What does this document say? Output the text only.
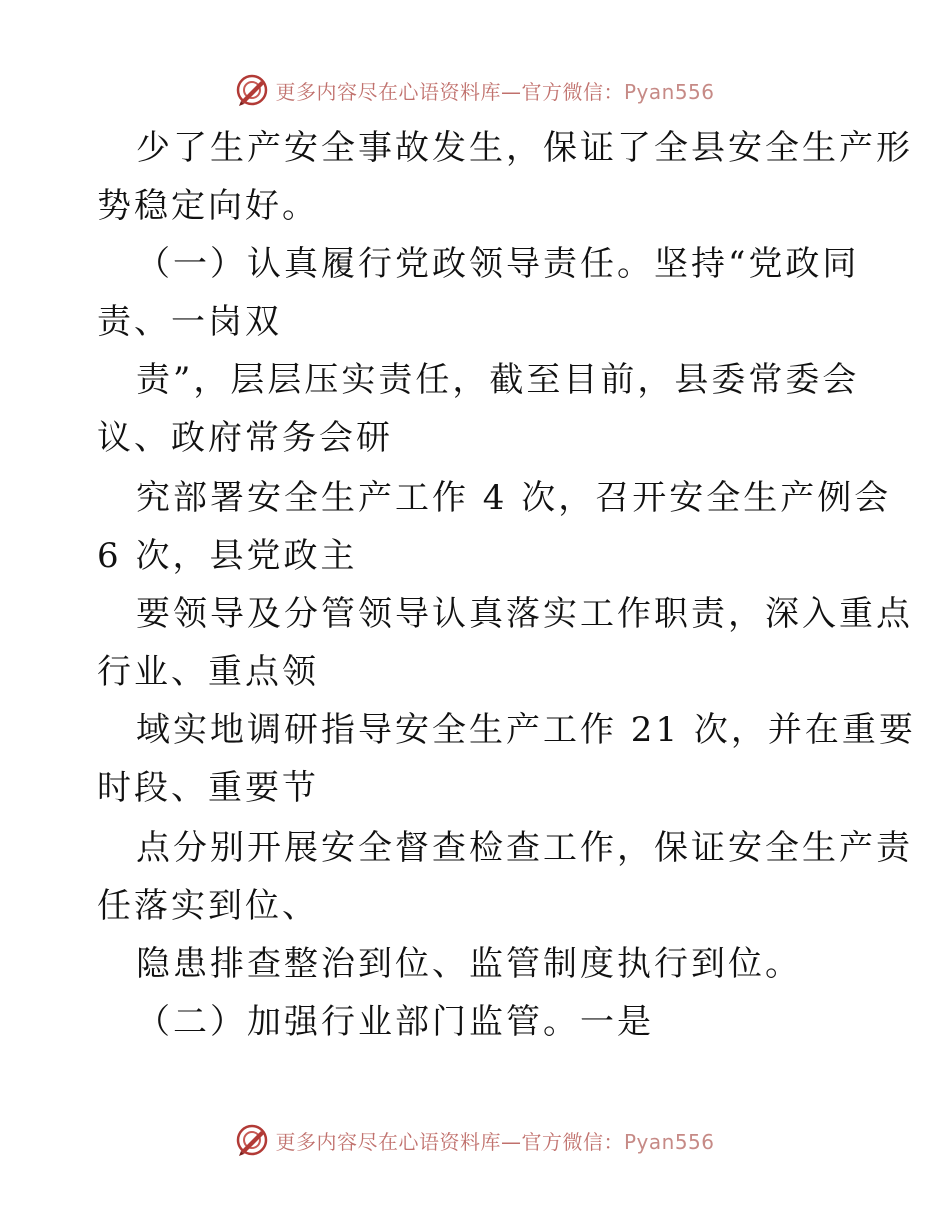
更多内容尽在心语资料库—官方微信：Pyan556
少了生产安全事故发生，保证了全县安全生产形
势稳定向好。
（一）认真履行党政领导责任。坚持“党政同
责、一岗双
责”，层层压实责任，截至目前，县委常委会
议、政府常务会研
究部署安全生产工作 4 次，召开安全生产例会
6 次，县党政主
要领导及分管领导认真落实工作职责，深入重点
行业、重点领
域实地调研指导安全生产工作 21 次，并在重要
时段、重要节
点分别开展安全督查检查工作，保证安全生产责
任落实到位、
隐患排查整治到位、监管制度执行到位。
（二）加强行业部门监管。一是
更多内容尽在心语资料库—官方微信：Pyan556
